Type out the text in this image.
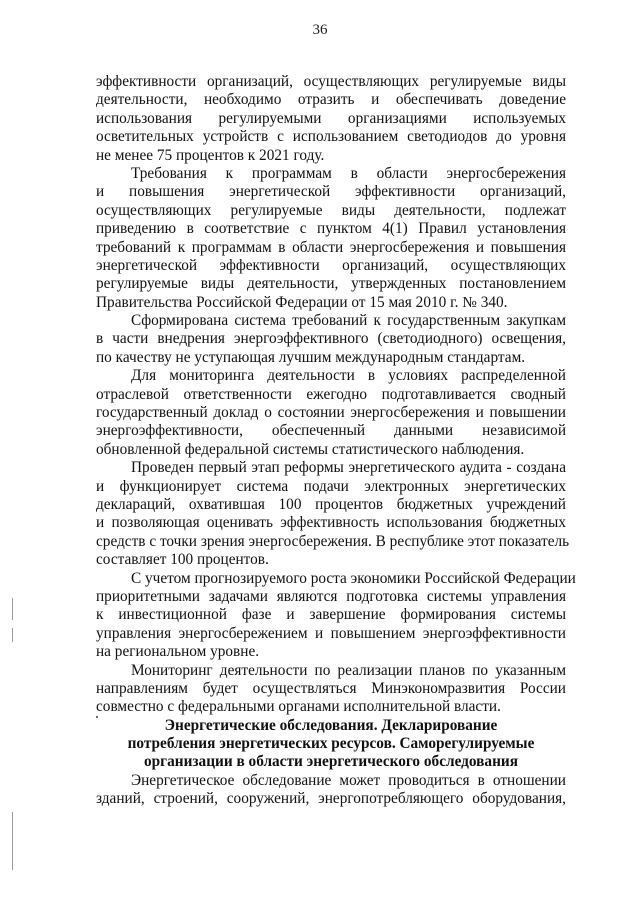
36
эффективности организаций, осуществляющих регулируемые виды
деятельности, необходимо отразить и обеспечивать доведение
использования регулируемыми организациями используемых
осветительных устройств с использованием светодиодов до уровня
не менее 75 процентов к 2021 году.
Требования к программам в области энергосбережения
и повышения энергетической эффективности организаций,
осуществляющих регулируемые виды деятельности, подлежат
приведению в соответствие с пунктом 4(1) Правил установления
требований к программам в области энергосбережения и повышения
энергетической эффективности организаций, осуществляющих
регулируемые виды деятельности, утвержденных постановлением
Правительства Российской Федерации от 15 мая 2010 г. № 340.
Сформирована система требований к государственным закупкам
в части внедрения энергоэффективного (светодиодного) освещения,
по качеству не уступающая лучшим международным стандартам.
Для мониторинга деятельности в условиях распределенной
отраслевой ответственности ежегодно подготавливается сводный
государственный доклад о состоянии энергосбережения и повышении
энергоэффективности, обеспеченный данными независимой
обновленной федеральной системы статистического наблюдения.
Проведен первый этап реформы энергетического аудита - создана
и функционирует система подачи электронных энергетических
деклараций, охватившая 100 процентов бюджетных учреждений
и позволяющая оценивать эффективность использования бюджетных
средств с точки зрения энергосбережения. В республике этот показатель
составляет 100 процентов.
С учетом прогнозируемого роста экономики Российской Федерации
приоритетными задачами являются подготовка системы управления
к инвестиционной фазе и завершение формирования системы
управления энергосбережением и повышением энергоэффективности
на региональном уровне.
Мониторинг деятельности по реализации планов по указанным
направлениям будет осуществляться Минэкономразвития России
совместно с федеральными органами исполнительной власти.
Энергетические обследования. Декларирование
потребления энергетических ресурсов. Саморегулируемые
организации в области энергетического обследования
Энергетическое обследование может проводиться в отношении
зданий, строений, сооружений, энергопотребляющего оборудования,
